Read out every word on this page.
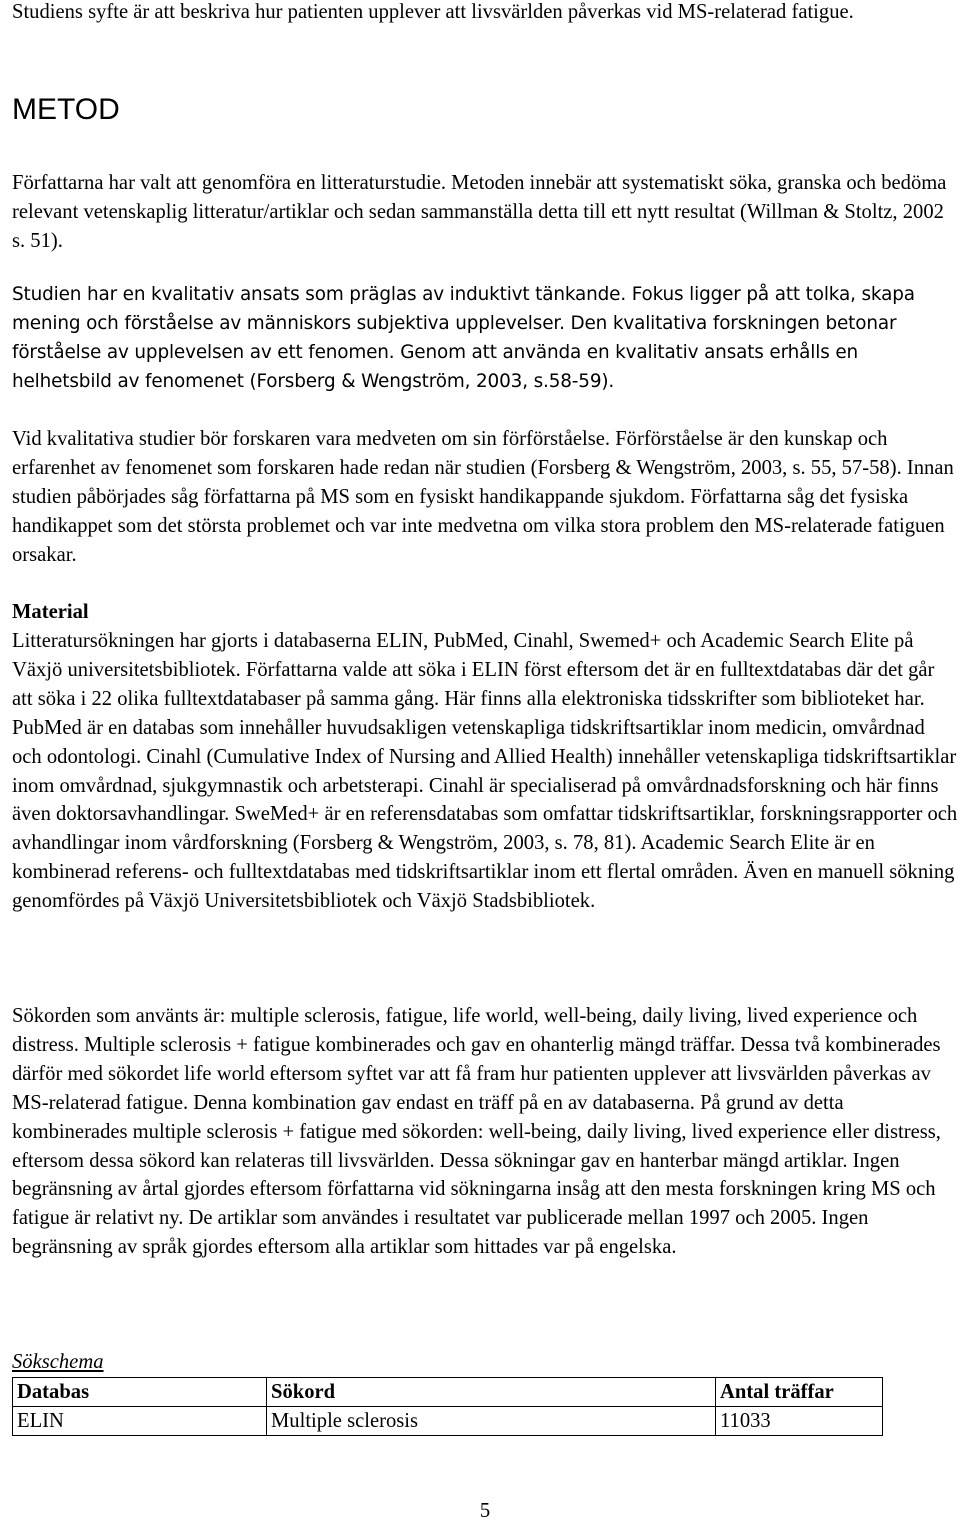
Studiens syfte är att beskriva hur patienten upplever att livsvärlden påverkas vid MS-relaterad fatigue.

METOD

Författarna har valt att genomföra en litteraturstudie. Metoden innebär att systematiskt söka, granska och bedöma relevant vetenskaplig litteratur/artiklar och sedan sammanställa detta till ett nytt resultat (Willman & Stoltz, 2002 s. 51).

Studien har en kvalitativ ansats som präglas av induktivt tänkande. Fokus ligger på att tolka, skapa mening och förståelse av människors subjektiva upplevelser. Den kvalitativa forskningen betonar förståelse av upplevelsen av ett fenomen. Genom att använda en kvalitativ ansats erhålls en helhetsbild av fenomenet (Forsberg & Wengström, 2003, s.58-59).

Vid kvalitativa studier bör forskaren vara medveten om sin förförståelse. Förförståelse är den kunskap och erfarenhet av fenomenet som forskaren hade redan när studien (Forsberg & Wengström, 2003, s. 55, 57-58). Innan studien påbörjades såg författarna på MS som en fysiskt handikappande sjukdom. Författarna såg det fysiska handikappet som det största problemet och var inte medvetna om vilka stora problem den MS-relaterade fatiguen orsakar.

Material

Litteratursökningen har gjorts i databaserna ELIN, PubMed, Cinahl, Swemed+ och Academic Search Elite på Växjö universitetsbibliotek. Författarna valde att söka i ELIN först eftersom det är en fulltextdatabas där det går att söka i 22 olika fulltextdatabaser på samma gång. Här finns alla elektroniska tidsskrifter som biblioteket har. PubMed är en databas som innehåller huvudsakligen vetenskapliga tidskriftsartiklar inom medicin, omvårdnad och odontologi. Cinahl (Cumulative Index of Nursing and Allied Health) innehåller vetenskapliga tidskriftsartiklar inom omvårdnad, sjukgymnastik och arbetsterapi. Cinahl är specialiserad på omvårdnadsforskning och här finns även doktorsavhandlingar. SweMed+ är en referensdatabas som omfattar tidskriftsartiklar, forskningsrapporter och avhandlingar inom vårdforskning (Forsberg & Wengström, 2003, s. 78, 81). Academic Search Elite är en kombinerad referens- och fulltextdatabas med tidskriftsartiklar inom ett flertal områden. Även en manuell sökning genomfördes på Växjö Universitetsbibliotek och Växjö Stadsbibliotek.

Sökorden som använts är: multiple sclerosis, fatigue, life world, well-being, daily living, lived experience och distress. Multiple sclerosis + fatigue kombinerades och gav en ohanterlig mängd träffar. Dessa två kombinerades därför med sökordet life world eftersom syftet var att få fram hur patienten upplever att livsvärlden påverkas av MS-relaterad fatigue. Denna kombination gav endast en träff på en av databaserna. På grund av detta kombinerades multiple sclerosis + fatigue med sökorden: well-being, daily living, lived experience eller distress, eftersom dessa sökord kan relateras till livsvärlden. Dessa sökningar gav en hanterbar mängd artiklar. Ingen begränsning av årtal gjordes eftersom författarna vid sökningarna insåg att den mesta forskningen kring MS och fatigue är relativt ny. De artiklar som användes i resultatet var publicerade mellan 1997 och 2005. Ingen begränsning av språk gjordes eftersom alla artiklar som hittades var på engelska.

Sökschema
Databas	Sökord	Antal träffar
ELIN	Multiple sclerosis	11033
5
